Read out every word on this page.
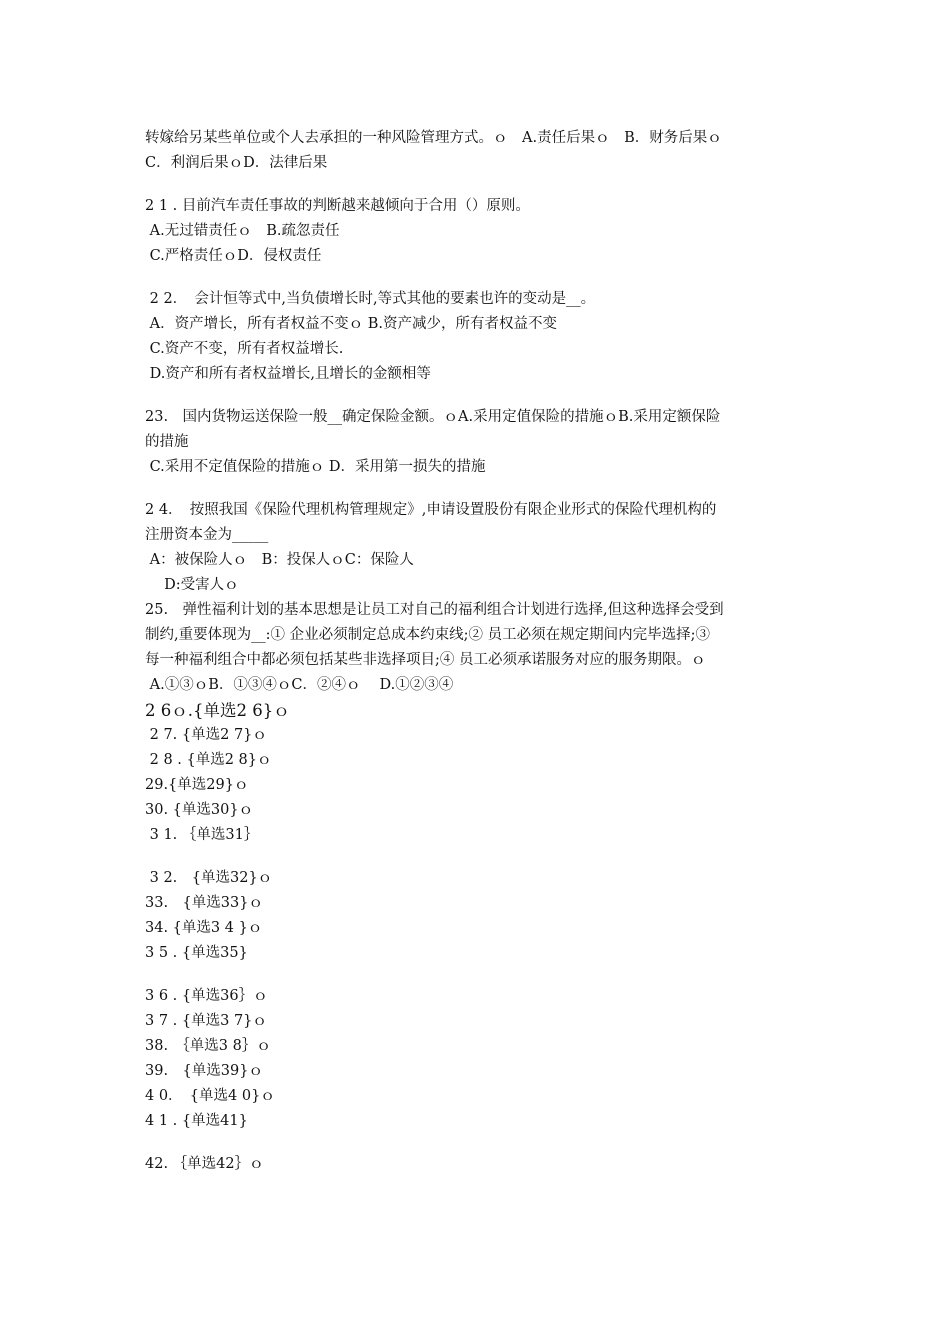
转嫁给另某些单位或个人去承担的一种风险管理方式。ｏ　A.责任后果ｏ　B．财务后果ｏ
C．利润后果ｏD．法律后果
2 1 . 目前汽车责任事故的判断越来越倾向于合用（）原则。
A.无过错责任ｏ　B.疏忽责任
C.严格责任ｏD．侵权责任
2 2．　会计恒等式中,当负债增长时,等式其他的要素也许的变动是__。
A．资产增长，所有者权益不变ｏ B.资产减少，所有者权益不变
C.资产不变，所有者权益增长.
D.资产和所有者权益增长,且增长的金额相等
23.　国内货物运送保险一般__确定保险金额。ｏA.采用定值保险的措施ｏB.采用定额保险
的措施
C.采用不定值保险的措施ｏ D．采用第一损失的措施
2 4．　按照我国《保险代理机构管理规定》,申请设置股份有限企业形式的保险代理机构的
注册资本金为_____
A：被保险人ｏ　B：投保人ｏC：保险人
　 D:受害人ｏ
25.　弹性福利计划的基本思想是让员工对自己的福利组合计划进行选择,但这种选择会受到
制约,重要体现为__:① 企业必须制定总成本约束线;② 员工必须在规定期间内完毕选择;③
每一种福利组合中都必须包括某些非选择项目;④ 员工必须承诺服务对应的服务期限。ｏ
A.①③ｏB．①③④ｏC．②④ｏ　 D.①②③④
2 6ｏ.{单选2 6}ｏ
2 7. {单选2 7}ｏ
2 8 . {单选2 8}ｏ
29.{单选29}ｏ
30. {单选30}ｏ
3 1. ｛单选31｝
3 2.　{单选32}ｏ
33.　{单选33}ｏ
34. {单选3 4 }ｏ
3 5 . {单选35}
3 6 . {单选36｝ｏ
3 7 . {单选3 7}ｏ
38.　｛单选3 8｝ｏ
39.　{单选39}ｏ
4 0．　{单选4 0}ｏ
4 1 . {单选41}
42. ｛单选42｝ｏ
